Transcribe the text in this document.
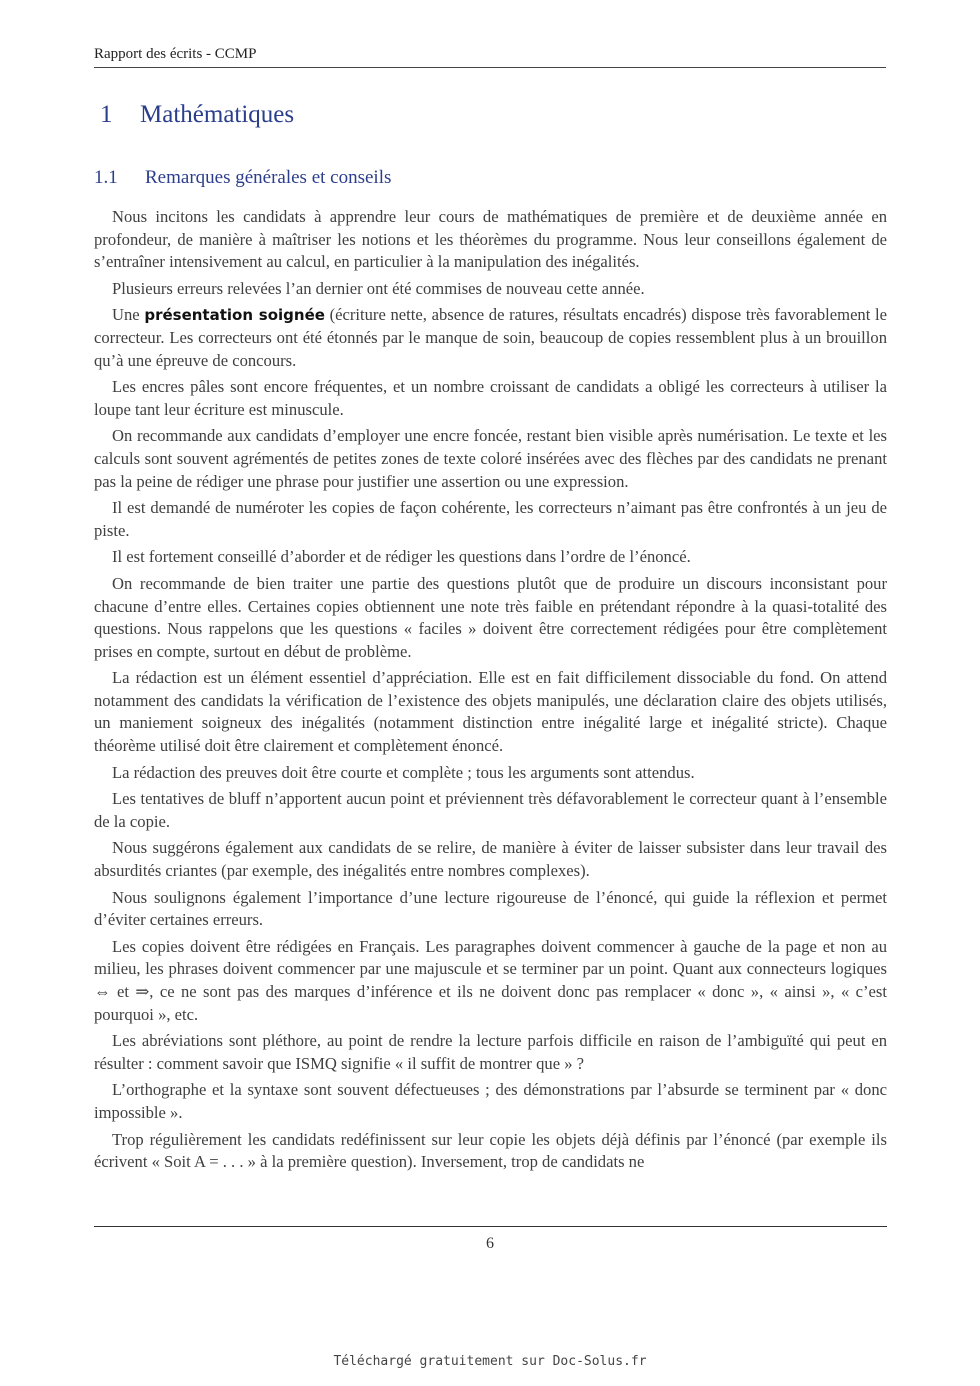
Rapport des écrits - CCMP
1 Mathématiques
1.1 Remarques générales et conseils

Nous incitons les candidats à apprendre leur cours de mathématiques de première et de deuxième année en profondeur, de manière à maîtriser les notions et les théorèmes du programme. Nous leur conseillons également de s’entraîner intensivement au calcul, en particulier à la manipulation des inégalités.

Plusieurs erreurs relevées l’an dernier ont été commises de nouveau cette année.

Une présentation soignée (écriture nette, absence de ratures, résultats encadrés) dispose très favorablement le correcteur. Les correcteurs ont été étonnés par le manque de soin, beaucoup de copies ressemblent plus à un brouillon qu’à une épreuve de concours.

Les encres pâles sont encore fréquentes, et un nombre croissant de candidats a obligé les correcteurs à utiliser la loupe tant leur écriture est minuscule.

On recommande aux candidats d’employer une encre foncée, restant bien visible après numérisation. Le texte et les calculs sont souvent agrémentés de petites zones de texte coloré insérées avec des flèches par des candidats ne prenant pas la peine de rédiger une phrase pour justifier une assertion ou une expression.

Il est demandé de numéroter les copies de façon cohérente, les correcteurs n’aimant pas être confrontés à un jeu de piste.

Il est fortement conseillé d’aborder et de rédiger les questions dans l’ordre de l’énoncé.

On recommande de bien traiter une partie des questions plutôt que de produire un discours inconsistant pour chacune d’entre elles. Certaines copies obtiennent une note très faible en prétendant répondre à la quasi-totalité des questions. Nous rappelons que les questions « faciles » doivent être correctement rédigées pour être complètement prises en compte, surtout en début de problème.

La rédaction est un élément essentiel d’appréciation. Elle est en fait difficilement dissociable du fond. On attend notamment des candidats la vérification de l’existence des objets manipulés, une déclaration claire des objets utilisés, un maniement soigneux des inégalités (notamment distinction entre inégalité large et inégalité stricte). Chaque théorème utilisé doit être clairement et complètement énoncé.

La rédaction des preuves doit être courte et complète ; tous les arguments sont attendus.

Les tentatives de bluff n’apportent aucun point et préviennent très défavorablement le correcteur quant à l’ensemble de la copie.

Nous suggérons également aux candidats de se relire, de manière à éviter de laisser subsister dans leur travail des absurdités criantes (par exemple, des inégalités entre nombres complexes).

Nous soulignons également l’importance d’une lecture rigoureuse de l’énoncé, qui guide la réflexion et permet d’éviter certaines erreurs.

Les copies doivent être rédigées en Français. Les paragraphes doivent commencer à gauche de la page et non au milieu, les phrases doivent commencer par une majuscule et se terminer par un point. Quant aux connecteurs logiques ⇔ et ⇒, ce ne sont pas des marques d’inférence et ils ne doivent donc pas remplacer « donc », « ainsi », « c’est pourquoi », etc.

Les abréviations sont pléthore, au point de rendre la lecture parfois difficile en raison de l’ambiguïté qui peut en résulter : comment savoir que ISMQ signifie « il suffit de montrer que » ?

L’orthographe et la syntaxe sont souvent défectueuses ; des démonstrations par l’absurde se terminent par « donc impossible ».

Trop régulièrement les candidats redéfinissent sur leur copie les objets déjà définis par l’énoncé (par exemple ils écrivent « Soit A = . . . » à la première question). Inversement, trop de candidats ne

6
Téléchargé gratuitement sur Doc-Solus.fr
